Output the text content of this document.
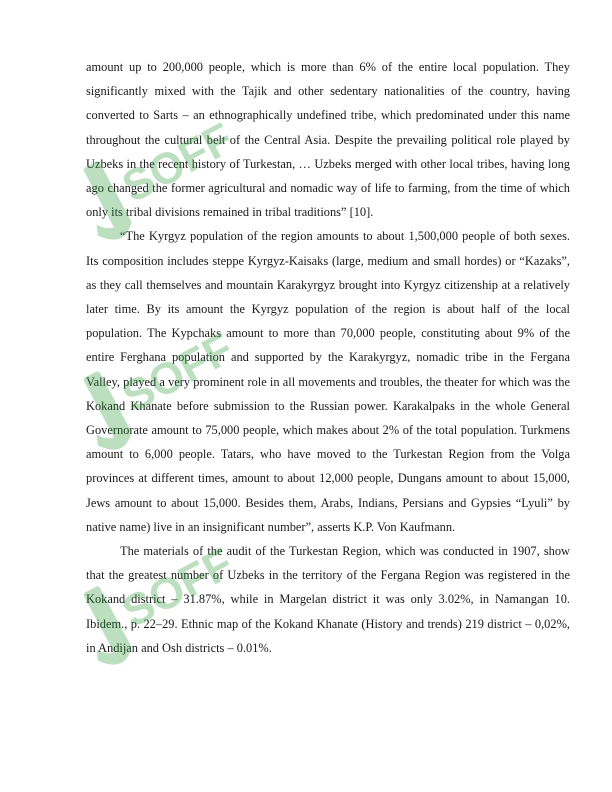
amount up to 200,000 people, which is more than 6% of the entire local population. They significantly mixed with the Tajik and other sedentary nationalities of the country, having converted to Sarts – an ethnographically undefined tribe, which predominated under this name throughout the cultural belt of the Central Asia. Despite the prevailing political role played by Uzbeks in the recent history of Turkestan, … Uzbeks merged with other local tribes, having long ago changed the former agricultural and nomadic way of life to farming, from the time of which only its tribal divisions remained in tribal traditions” [10].

“The Kyrgyz population of the region amounts to about 1,500,000 people of both sexes. Its composition includes steppe Kyrgyz-Kaisaks (large, medium and small hordes) or “Kazaks”, as they call themselves and mountain Karakyrgyz brought into Kyrgyz citizenship at a relatively later time. By its amount the Kyrgyz population of the region is about half of the local population. The Kypchaks amount to more than 70,000 people, constituting about 9% of the entire Ferghana population and supported by the Karakyrgyz, nomadic tribe in the Fergana Valley, played a very prominent role in all movements and troubles, the theater for which was the Kokand Khanate before submission to the Russian power. Karakalpaks in the whole General Governorate amount to 75,000 people, which makes about 2% of the total population. Turkmens amount to 6,000 people. Tatars, who have moved to the Turkestan Region from the Volga provinces at different times, amount to about 12,000 people, Dungans amount to about 15,000, Jews amount to about 15,000. Besides them, Arabs, Indians, Persians and Gypsies “Lyuli” by native name) live in an insignificant number”, asserts K.P. Von Kaufmann.

The materials of the audit of the Turkestan Region, which was conducted in 1907, show that the greatest number of Uzbeks in the territory of the Fergana Region was registered in the Kokand district – 31.87%, while in Margelan district it was only 3.02%, in Namangan 10. Ibidem., p. 22–29. Ethnic map of the Kokand Khanate (History and trends) 219 district – 0,02%, in Andijan and Osh districts – 0.01%.

SOFF
SOFF
SOFF
